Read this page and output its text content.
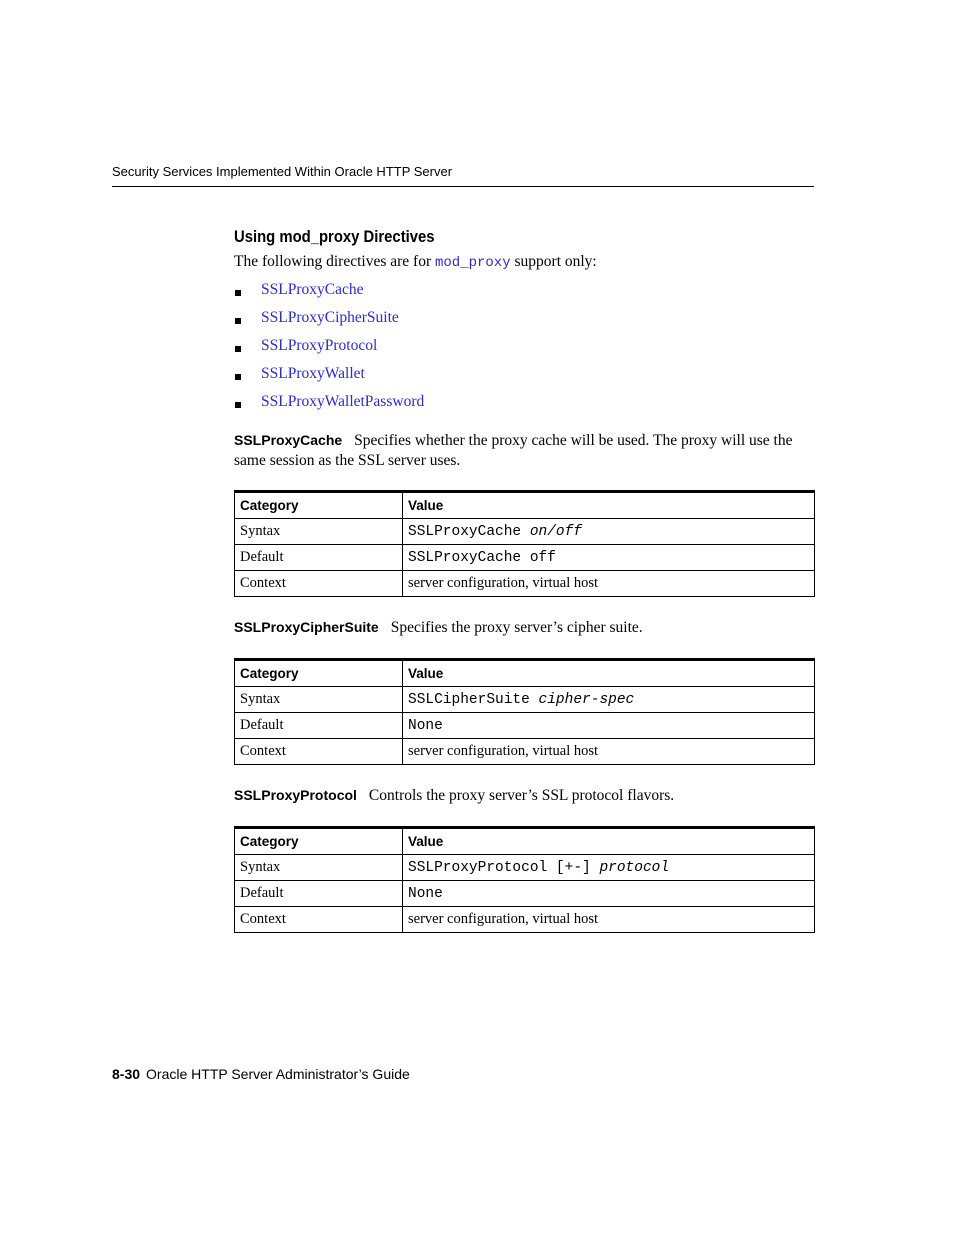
Security Services Implemented Within Oracle HTTP Server
Using mod_proxy Directives
The following directives are for mod_proxy support only:
SSLProxyCache
SSLProxyCipherSuite
SSLProxyProtocol
SSLProxyWallet
SSLProxyWalletPassword
SSLProxyCache Specifies whether the proxy cache will be used. The proxy will use the same session as the SSL server uses.
Category	Value
Syntax	SSLProxyCache on/off
Default	SSLProxyCache off
Context	server configuration, virtual host
SSLProxyCipherSuite Specifies the proxy server’s cipher suite.
Category	Value
Syntax	SSLCipherSuite cipher-spec
Default	None
Context	server configuration, virtual host
SSLProxyProtocol Controls the proxy server’s SSL protocol flavors.
Category	Value
Syntax	SSLProxyProtocol [+-] protocol
Default	None
Context	server configuration, virtual host
8-30 Oracle HTTP Server Administrator’s Guide
